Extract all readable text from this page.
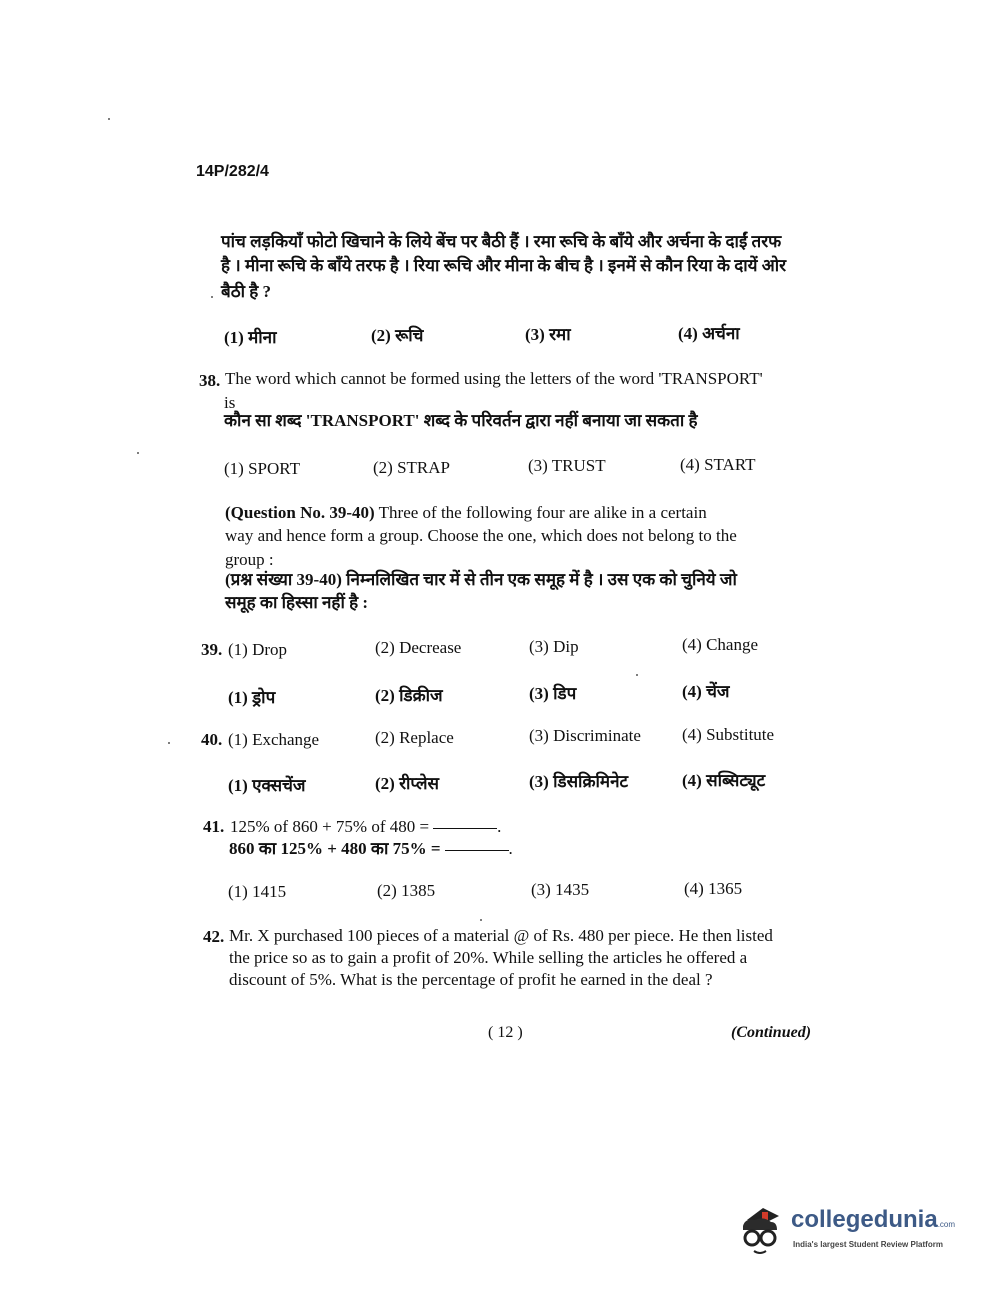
14P/282/4
पांच लड़कियाँ फोटो खिचाने के लिये बेंच पर बैठी हैं । रमा रूचि के बाँये और अर्चना के दाईं तरफ
है । मीना रूचि के बाँये तरफ है । रिया रूचि और मीना के बीच है । इनमें से कौन रिया के दायें ओर
बैठी है ?
(1) मीना	(2) रूचि	(3) रमा	(4) अर्चना
38. The word which cannot be formed using the letters of the word 'TRANSPORT'
is
कौन सा शब्द 'TRANSPORT' शब्द के परिवर्तन द्वारा नहीं बनाया जा सकता है
(1) SPORT	(2) STRAP	(3) TRUST	(4) START
(Question No. 39-40) Three of the following four are alike in a certain
way and hence form a group. Choose the one, which does not belong to the
group :
(प्रश्न संख्या 39-40) निम्नलिखित चार में से तीन एक समूह में है । उस एक को चुनिये जो
समूह का हिस्सा नहीं है :
39. (1) Drop	(2) Decrease	(3) Dip	(4) Change
(1) ड्रोप	(2) डिक्रीज	(3) डिप	(4) चेंज
40. (1) Exchange	(2) Replace	(3) Discriminate (4) Substitute
(1) एक्सचेंज	(2) रीप्लेस	(3) डिसक्रिमिनेट	(4) सब्सिट्यूट
41. 125% of 860 + 75% of 480 =	.
860 का 125% + 480 का 75% =	.
(1) 1415	(2) 1385	(3) 1435	(4) 1365
42. Mr. X purchased 100 pieces of a material @ of Rs. 480 per piece. He then listed
the price so as to gain a profit of 20%. While selling the articles he offered a
discount of 5%. What is the percentage of profit he earned in the deal ?
( 12 )	(Continued)
collegedunia.com
India's largest Student Review Platform
